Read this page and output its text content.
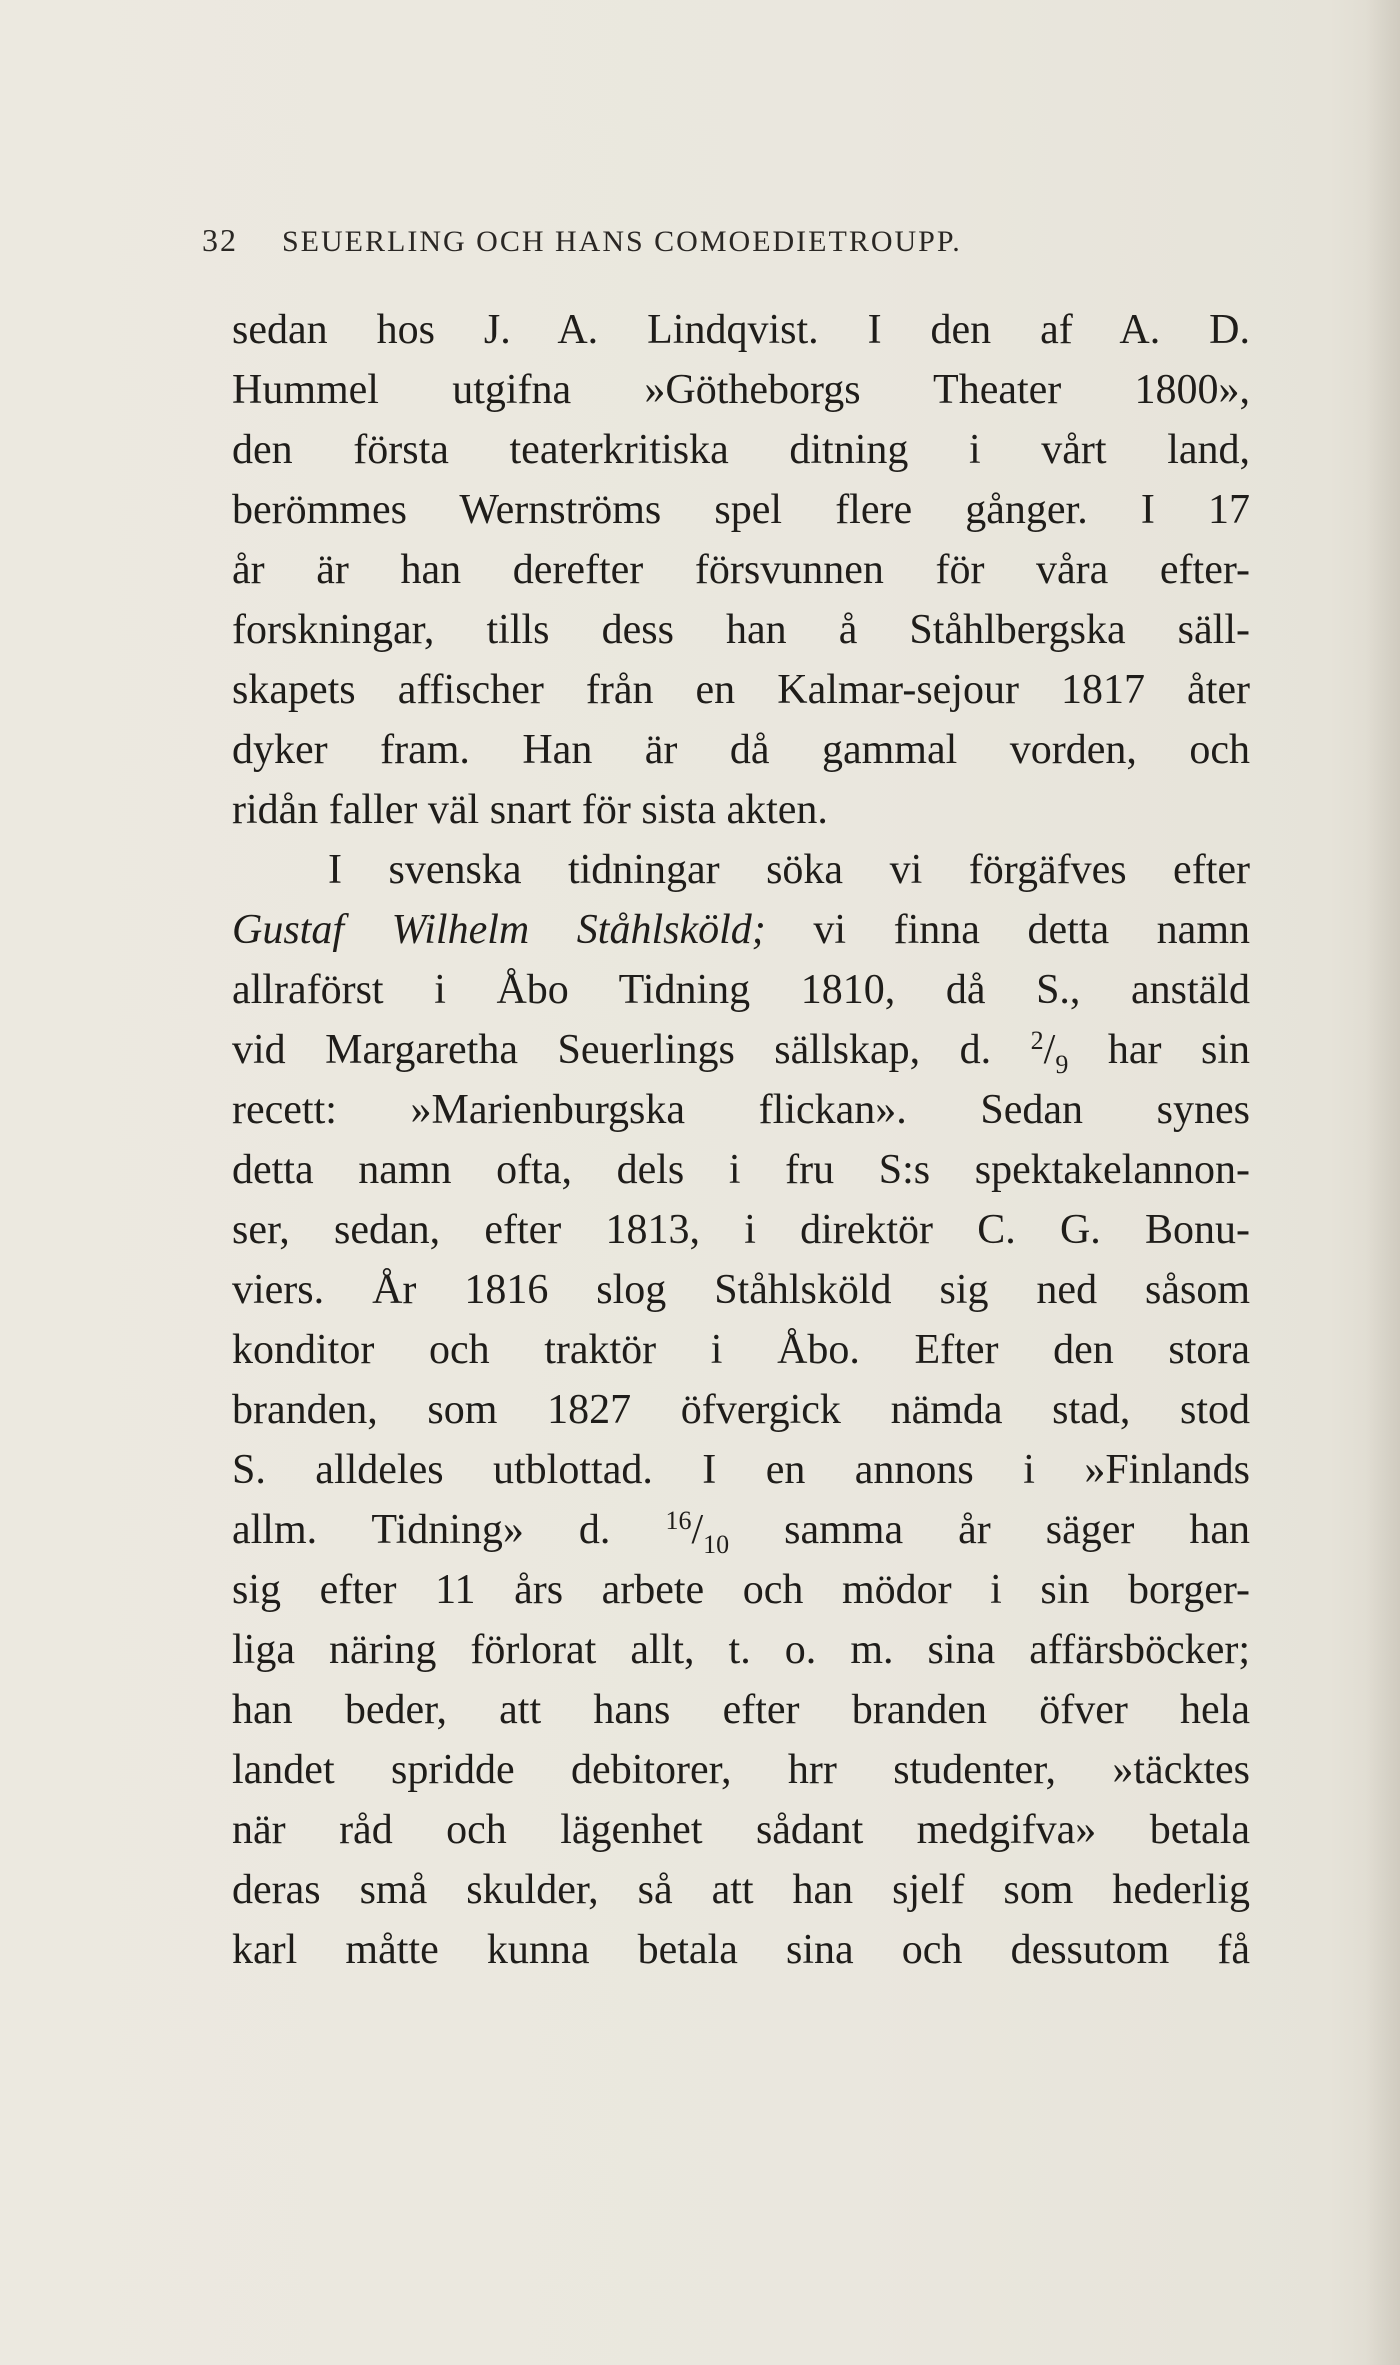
32 SEUERLING OCH HANS COMOEDIETROUPP.
sedan hos J. A. Lindqvist. I den af A. D.
Hummel utgifna »Götheborgs Theater 1800»,
den första teaterkritiska ditning i vårt land,
berömmes Wernströms spel flere gånger. I 17
år är han derefter försvunnen för våra efter-
forskningar, tills dess han å Ståhlbergska säll-
skapets affischer från en Kalmar-sejour 1817 åter
dyker fram. Han är då gammal vorden, och
ridån faller väl snart för sista akten.
I svenska tidningar söka vi förgäfves efter
Gustaf Wilhelm Ståhlsköld; vi finna detta namn
allraförst i Åbo Tidning 1810, då S., anstäld
vid Margaretha Seuerlings sällskap, d. $^2/_9$ har sin
recett: »Marienburgska flickan». Sedan synes
detta namn ofta, dels i fru S:s spektakelannon-
ser, sedan, efter 1813, i direktör C. G. Bonu-
viers. År 1816 slog Ståhlsköld sig ned såsom
konditor och traktör i Åbo. Efter den stora
branden, som 1827 öfvergick nämda stad, stod
S. alldeles utblottad. I en annons i »Finlands
allm. Tidning» d. $^{16}/_{10}$ samma år säger han
sig efter 11 års arbete och mödor i sin borger-
liga näring förlorat allt, t. o. m. sina affärsböcker;
han beder, att hans efter branden öfver hela
landet spridde debitorer, hrr studenter, »täcktes
när råd och lägenhet sådant medgifva» betala
deras små skulder, så att han sjelf som hederlig
karl måtte kunna betala sina och dessutom få
